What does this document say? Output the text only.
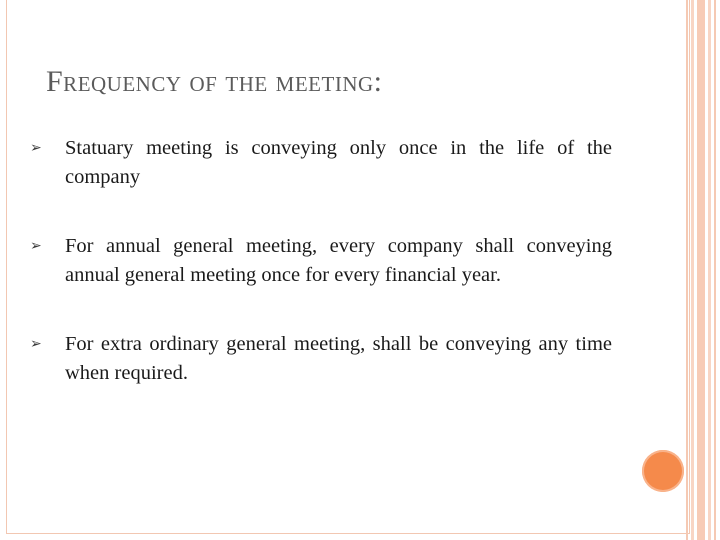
Frequency of the meeting:
➢ Statuary meeting is conveying only once in the life of the company
➢ For annual general meeting, every company shall conveying annual general meeting once for every financial year.
➢ For extra ordinary general meeting, shall be conveying any time when required.
